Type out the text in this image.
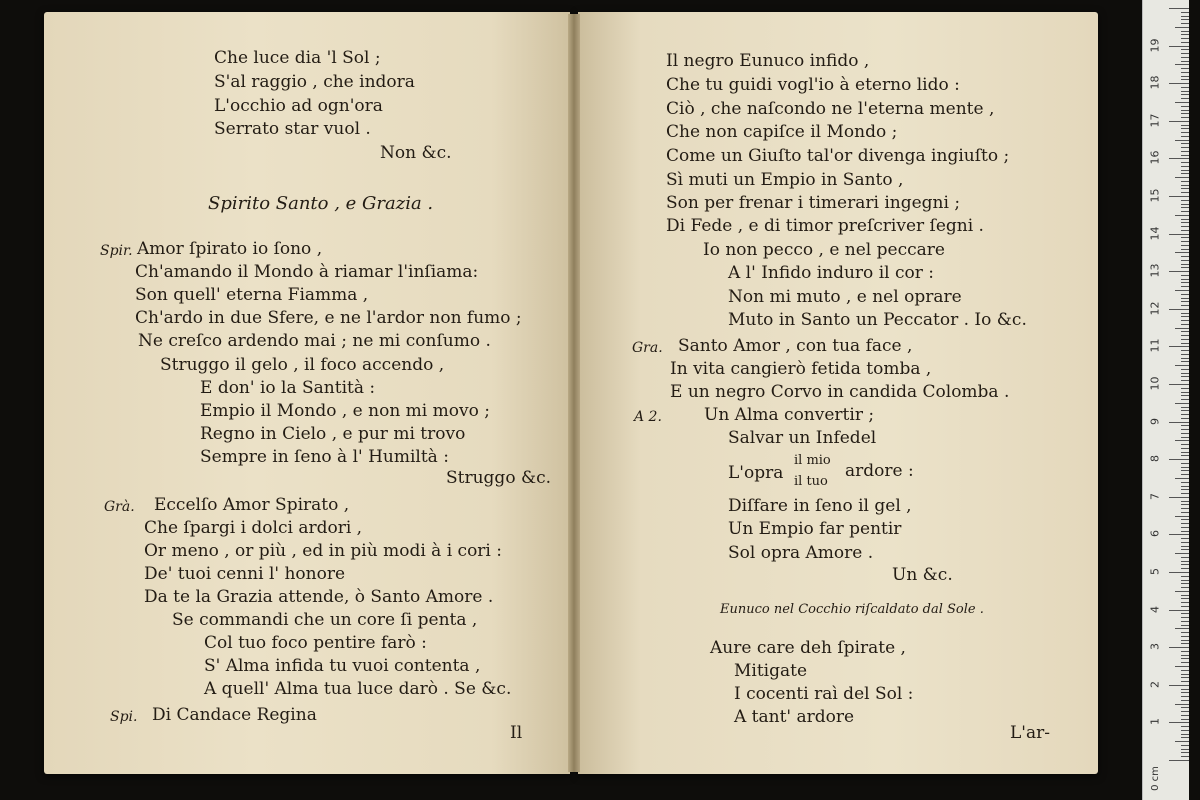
Che luce dia 'l Sol ;
S'al raggio , che indora
L'occhio ad ogn'ora
Serrato star vuol .
Non &c.
Spirito Santo , e Grazia .
Spir. Amor ſpirato io ſono ,
Ch'amando il Mondo à riamar l'inſiama:
Son quell' eterna Fiamma ,
Ch'ardo in due Sfere, e ne l'ardor non fumo ;
Ne creſco ardendo mai ; ne mi conſumo .
Struggo il gelo , il foco accendo ,
E don' io la Santità :
Empio il Mondo , e non mi movo ;
Regno in Cielo , e pur mi trovo
Sempre in ſeno à l' Humiltà :
Struggo &c.
Grà. Eccelſo Amor Spirato ,
Che ſpargi i dolci ardori ,
Or meno , or più , ed in più modi à i cori :
De' tuoi cenni l' honore
Da te la Grazia attende, ò Santo Amore .
Se commandi che un core ſi penta ,
Col tuo foco pentire farò :
S' Alma infida tu vuoi contenta ,
A quell' Alma tua luce darò . Se &c.
Spi. Di Candace Regina
Il
Il negro Eunuco infido ,
Che tu guidi vogl'io à eterno lido :
Ciò , che naſcondo ne l'eterna mente ,
Che non capiſce il Mondo ;
Come un Giuſto tal'or divenga ingiuſto ;
Sì muti un Empio in Santo ,
Son per frenar i timerari ingegni ;
Di Fede , e di timor preſcriver ſegni .
Io non pecco , e nel peccare
A l' Infido induro il cor :
Non mi muto , e nel oprare
Muto in Santo un Peccator . Io &c.
Gra. Santo Amor , con tua face ,
In vita cangierò fetida tomba ,
E un negro Corvo in candida Colomba .
A 2. Un Alma convertir ;
Salvar un Infedel
L'opra
il mio
il tuo
ardore :
Diſfare in ſeno il gel ,
Un Empio far pentir
Sol opra Amore .
Un &c.
Eunuco nel Cocchio riſcaldato dal Sole .
Aure care deh ſpirate ,
Mitigate
I cocenti raì del Sol :
A tant' ardore
L'ar-
19
18
17
16
15
14
13
12
11
10
9
8
7
6
5
4
3
2
1
0 cm
